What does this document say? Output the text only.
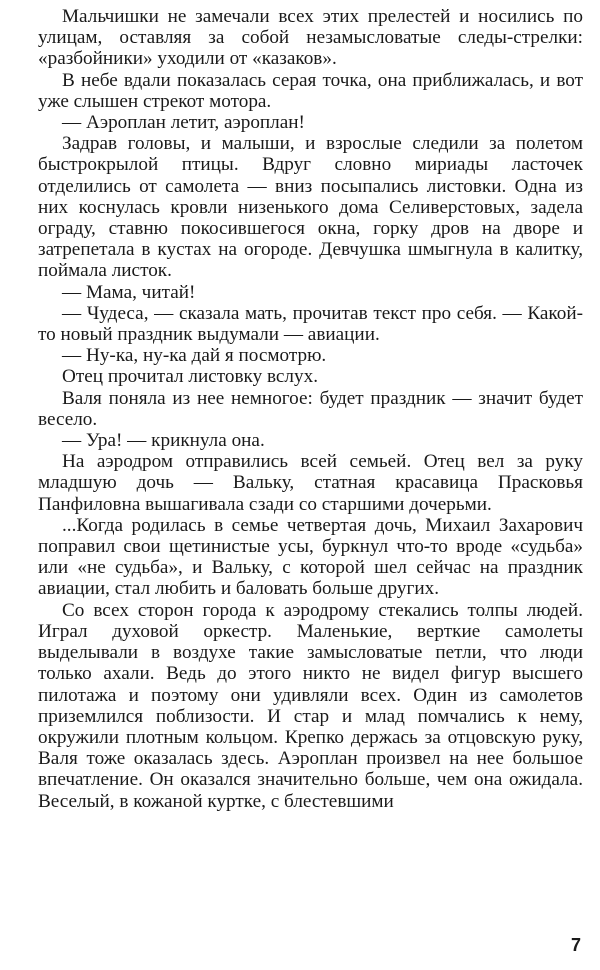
Мальчишки не замечали всех этих прелестей и носились по улицам, оставляя за собой незамысловатые следы-стрелки: «разбойники» уходили от «казаков».

В небе вдали показалась серая точка, она приближалась, и вот уже слышен стрекот мотора.

— Аэроплан летит, аэроплан!

Задрав головы, и малыши, и взрослые следили за полетом быстрокрылой птицы. Вдруг словно мириады ласточек отделились от самолета — вниз посыпались листовки. Одна из них коснулась кровли низенького дома Селиверстовых, задела ограду, ставню покосившегося окна, горку дров на дворе и затрепетала в кустах на огороде. Девчушка шмыгнула в калитку, поймала листок.

— Мама, читай!

— Чудеса, — сказала мать, прочитав текст про себя. — Какой-то новый праздник выдумали — авиации.

— Ну-ка, ну-ка дай я посмотрю.

Отец прочитал листовку вслух.

Валя поняла из нее немногое: будет праздник — значит будет весело.

— Ура! — крикнула она.

На аэродром отправились всей семьей. Отец вел за руку младшую дочь — Вальку, статная красавица Прасковья Панфиловна вышагивала сзади со старшими дочерьми.

...Когда родилась в семье четвертая дочь, Михаил Захарович поправил свои щетинистые усы, буркнул что-то вроде «судьба» или «не судьба», и Вальку, с которой шел сейчас на праздник авиации, стал любить и баловать больше других.

Со всех сторон города к аэродрому стекались толпы людей. Играл духовой оркестр. Маленькие, верткие самолеты выделывали в воздухе такие замысловатые петли, что люди только ахали. Ведь до этого никто не видел фигур высшего пилотажа и поэтому они удивляли всех. Один из самолетов приземлился поблизости. И стар и млад помчались к нему, окружили плотным кольцом. Крепко держась за отцовскую руку, Валя тоже оказалась здесь. Аэроплан произвел на нее большое впечатление. Он оказался значительно больше, чем она ожидала. Веселый, в кожаной куртке, с блестевшими

7
